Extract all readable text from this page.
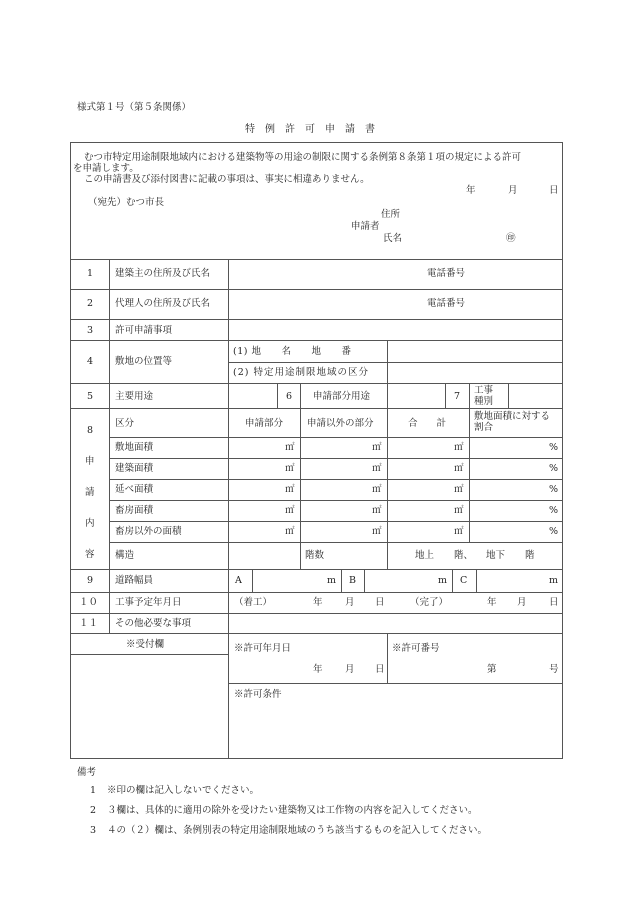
様式第１号（第５条関係）
特例許可申請書
むつ市特定用途制限地域内における建築物等の用途の制限に関する条例第８条第１項の規定による許可
を申請します。
この申請書及び添付図書に記載の事項は、事実に相違ありません。
年	月	日
（宛先）むつ市長
住所
申請者
氏名	㊞
1 建築主の住所及び氏名	電話番号
2 代理人の住所及び氏名	電話番号
3 許可申請事項
4 敷地の位置等
(1) 地　　名　　地　　番
(2) 特定用途制限地域の区分
5 主要用途	6 申請部分用途	7
工事
種別
8
申
請
内
容
区分	申請部分	申請以外の部分	合　　計
敷地面積に対する
割合
敷地面積	㎡	㎡	㎡	%
建築面積	㎡	㎡	㎡	%
延べ面積	㎡	㎡	㎡	%
畜房面積	㎡	㎡	㎡	%
畜房以外の面積	㎡	㎡	㎡	%
構造	階数	地上 階、 地下 階
9 道路幅員	A	m B	m C	m
１０ 工事予定年月日	（着工）	年 月 日	（完了）	年 月 日
１１ その他必要な事項
※受付欄	※許可年月日
年 月 日
※許可番号
第	号
※許可条件
備考
1 ※印の欄は記入しないでください。
2 ３欄は、具体的に適用の除外を受けたい建築物又は工作物の内容を記入してください。
3 ４の（２）欄は、条例別表の特定用途制限地域のうち該当するものを記入してください。
